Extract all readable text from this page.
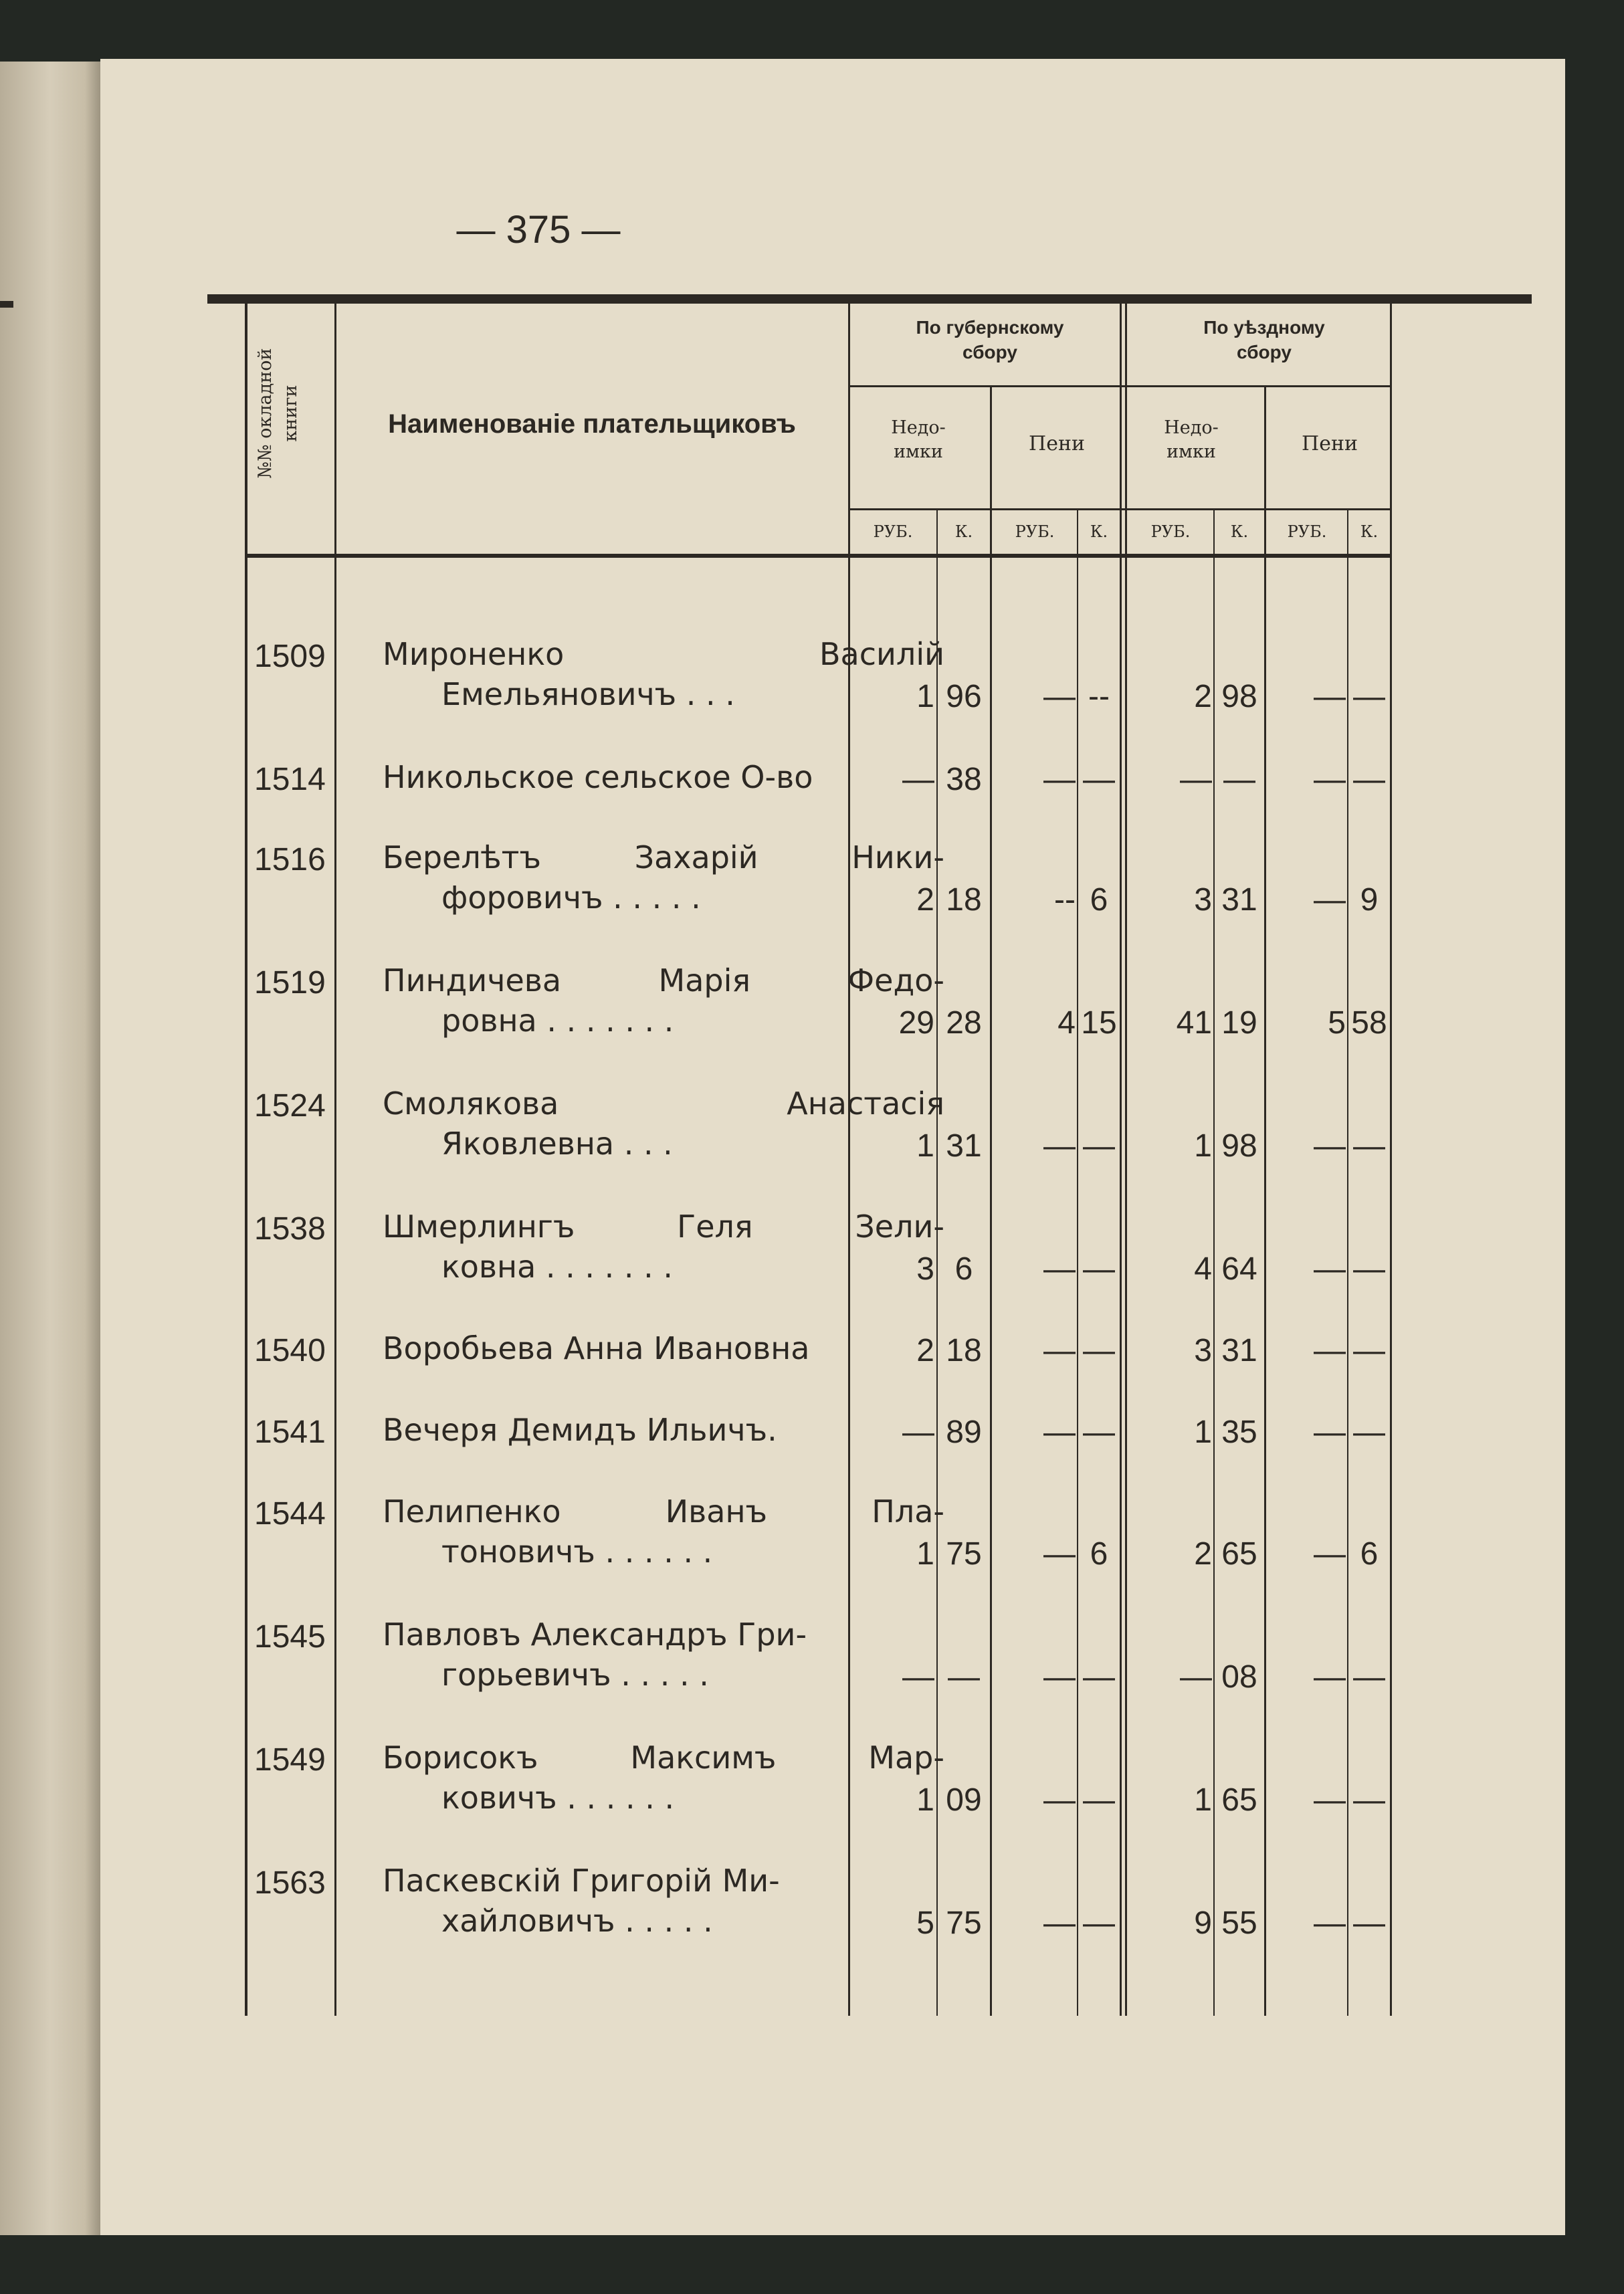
— 375 —
№№ окладной книги	Наименованіе плательщиковъ
По губернскому сбору
По уѣздному сбору
Недо- имки	Пени
Недо- имки	Пени
РУБ.	К.	РУБ.	К.	РУБ.	К.	РУБ.	К.
1509 Мироненко	Василій
Емельяновичъ . . .	1 96	— --	2 98	— —
1514 Никольское сельское О-во	— 38	— —	— —	— —
1516 Берелѣтъ	Захарій	Ники-
форовичъ . . . . .	2 18	-- 6	3 31	— 9
1519 Пиндичева	Марія	Федо-
ровна . . . . . . .	29 28	4 15	41 19	5 58
1524 Смолякова	Анастасія
Яковлевна . . .	1 31	— —	1 98	— —
1538 Шмерлингъ	Геля	Зели-
ковна . . . . . . .	3 6	— —	4 64	— —
1540 Воробьева Анна Ивановна	2 18	— —	3 31	— —
1541 Вечеря Демидъ Ильичъ.	— 89	— —	1 35	— —
1544 Пелипенко	Иванъ	Пла-
тоновичъ . . . . . .	1 75	— 6	2 65	— 6
1545 Павловъ Александръ Гри-
горьевичъ . . . . .	— —	— —	— 08	— —
1549 Борисокъ	Максимъ	Мар-
ковичъ . . . . . .	1 09	— —	1 65	— —
1563 Паскевскій Григорій Ми-
хайловичъ . . . . .	5 75	— —	9 55	— —
